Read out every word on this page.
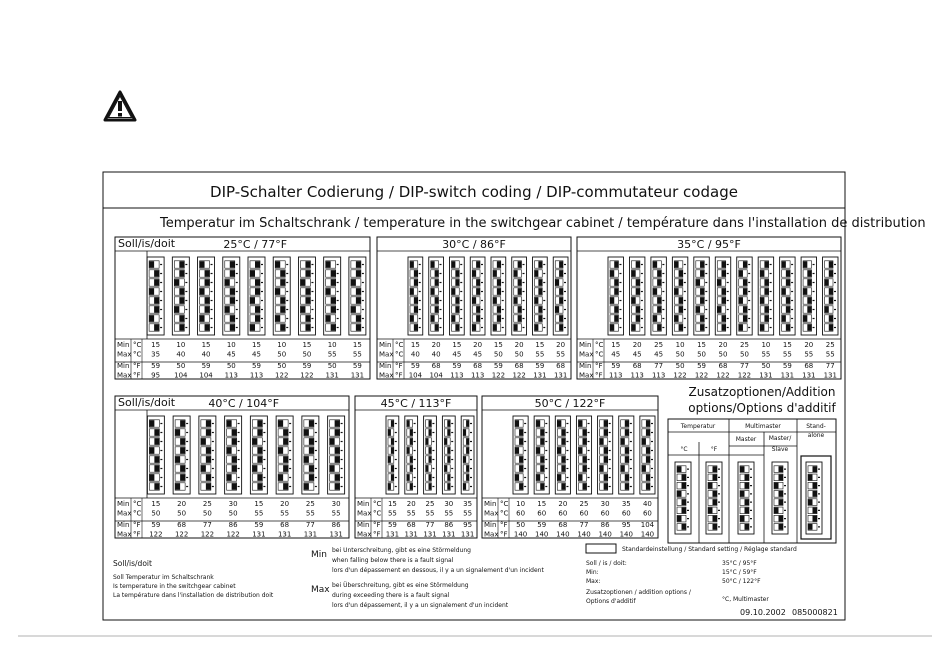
DIP-Schalter Codierung / DIP-switch coding / DIP-commutateur codage
Temperatur im Schaltschrank / temperature in the switchgear cabinet / température dans l'installation de distribution
Soll/is/doit	25°C / 77°F
Min °C 15 10 15 10 15 10 15 10 15
Max °C 35 40 40 45 45 50 50 55 55
Min °F 59 50 59 50 59 50 59 50 59
Max °F 95 104 104 113 113 122 122 131 131
30°C / 86°F
Min °C 15 20 15 20 15 20 15 20
Max °C 40 40 45 45 50 50 55 55
Min °F 59 68 59 68 59 68 59 68
Max °F 104 104 113 113 122 122 131 131
35°C / 95°F
Min °C 15 20 25 10 15 20 25 10 15 20 25
Max °C 45 45 45 50 50 50 50 55 55 55 55
Min °F 59 68 77 50 59 68 77 50 59 68 77
Max °F 113 113 113 122 122 122 122 131 131 131 131
Soll/is/doit	40°C / 104°F
Min °C 15 20 25 30 15 20 25 30
Max °C 50 50 50 50 55 55 55 55
Min °F 59 68 77 86 59 68 77 86
Max °F 122 122 122 122 131 131 131 131
45°C / 113°F
Min °C 15 20 25 30 35
Max °C 55 55 55 55 55
Min °F 59 68 77 86 95
Max °F 131 131 131 131 131
50°C / 122°F
Min °C 10 15 20 25 30 35 40
Max °C 60 60 60 60 60 60 60
Min °F 50 59 68 77 86 95 104
Max °F 140 140 140 140 140 140 140
Zusatzoptionen/Addition
options/Options d'additif
Temperatur	Multimaster	Stand-
alone
Master Master/
Slave
°C	°F
Soll/is/doit
Soll Temperatur im Schaltschrank
Is temperature in the switchgear cabinet
La température dans l'installation de distribution doit
Min bei Unterschreitung, gibt es eine Störmeldung
when falling below there is a fault signal
lors d'un dépassement en dessous, il y a un signalement d'un incident
Max bei Überschreitung, gibt es eine Störmeldung
during exceeding there is a fault signal
lors d'un dépassement, il y a un signalement d'un incident
Standardeinstellung / Standard setting / Réglage standard
Soll / is / doit:	35°C / 95°F
Min:	15°C / 59°F
Max:	50°C / 122°F
Zusatzoptionen / addition options /
Options d'additif	°C, Multimaster
09.10.2002 085000821
